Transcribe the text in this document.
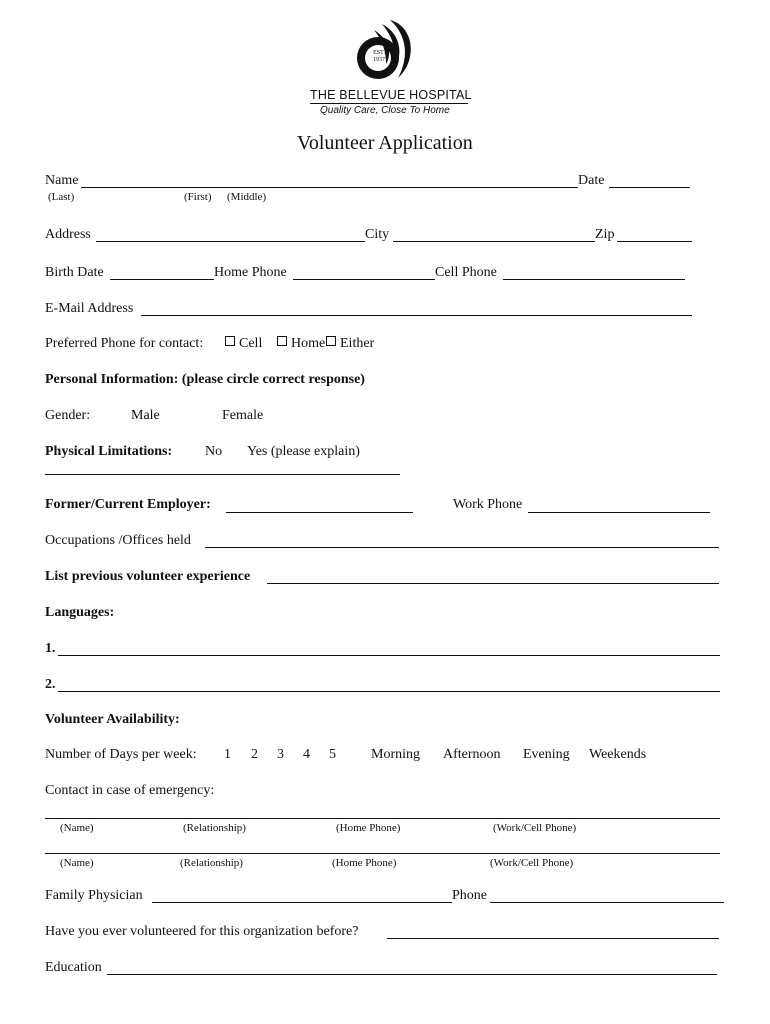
EST. 1937
THE BELLEVUE HOSPITAL
Quality Care, Close To Home
Volunteer Application
Name	Date
(Last)	(First) (Middle)
Address	City	Zip
Birth Date	Home Phone	Cell Phone
E-Mail Address
Preferred Phone for contact:	Cell	Home	Either
Personal Information: (please circle correct response)
Gender:	Male	Female
Physical Limitations: No Yes (please explain)
Former/Current Employer:	Work Phone
Occupations /Offices held
List previous volunteer experience
Languages:
1.
2.
Volunteer Availability:
Number of Days per week: 1 2 3 4 5	Morning Afternoon Evening Weekends
Contact in case of emergency:
(Name)	(Relationship)	(Home Phone)	(Work/Cell Phone)
(Name)	(Relationship)	(Home Phone)	(Work/Cell Phone)
Family Physician	Phone
Have you ever volunteered for this organization before?
Education
